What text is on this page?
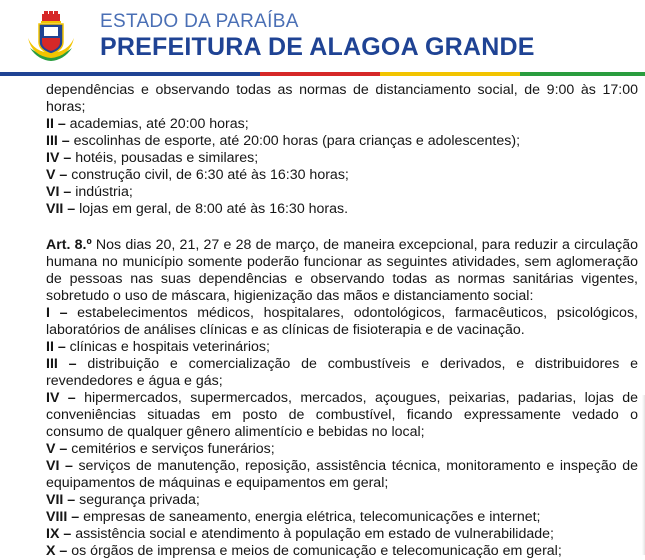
ESTADO DA PARAÍBA
PREFEITURA DE ALAGOA GRANDE

dependências e observando todas as normas de distanciamento social, de 9:00 às 17:00

horas;

II – academias, até 20:00 horas;

III – escolinhas de esporte, até 20:00 horas (para crianças e adolescentes);

IV – hotéis, pousadas e similares;

V – construção civil, de 6:30 até às 16:30 horas;

VI – indústria;

VII – lojas em geral, de 8:00 até às 16:30 horas.

Art. 8.º Nos dias 20, 21, 27 e 28 de março, de maneira excepcional, para reduzir a circulação

humana no município somente poderão funcionar as seguintes atividades, sem aglomeração

de pessoas nas suas dependências e observando todas as normas sanitárias vigentes,

sobretudo o uso de máscara, higienização das mãos e distanciamento social:

I – estabelecimentos médicos, hospitalares, odontológicos, farmacêuticos, psicológicos,

laboratórios de análises clínicas e as clínicas de fisioterapia e de vacinação.

II – clínicas e hospitais veterinários;

III – distribuição e comercialização de combustíveis e derivados, e distribuidores e

revendedores e água e gás;

IV – hipermercados, supermercados, mercados, açougues, peixarias, padarias, lojas de

conveniências situadas em posto de combustível, ficando expressamente vedado o

consumo de qualquer gênero alimentício e bebidas no local;

V – cemitérios e serviços funerários;

VI – serviços de manutenção, reposição, assistência técnica, monitoramento e inspeção de

equipamentos de máquinas e equipamentos em geral;

VII – segurança privada;

VIII – empresas de saneamento, energia elétrica, telecomunicações e internet;

IX – assistência social e atendimento à população em estado de vulnerabilidade;

X – os órgãos de imprensa e meios de comunicação e telecomunicação em geral;
